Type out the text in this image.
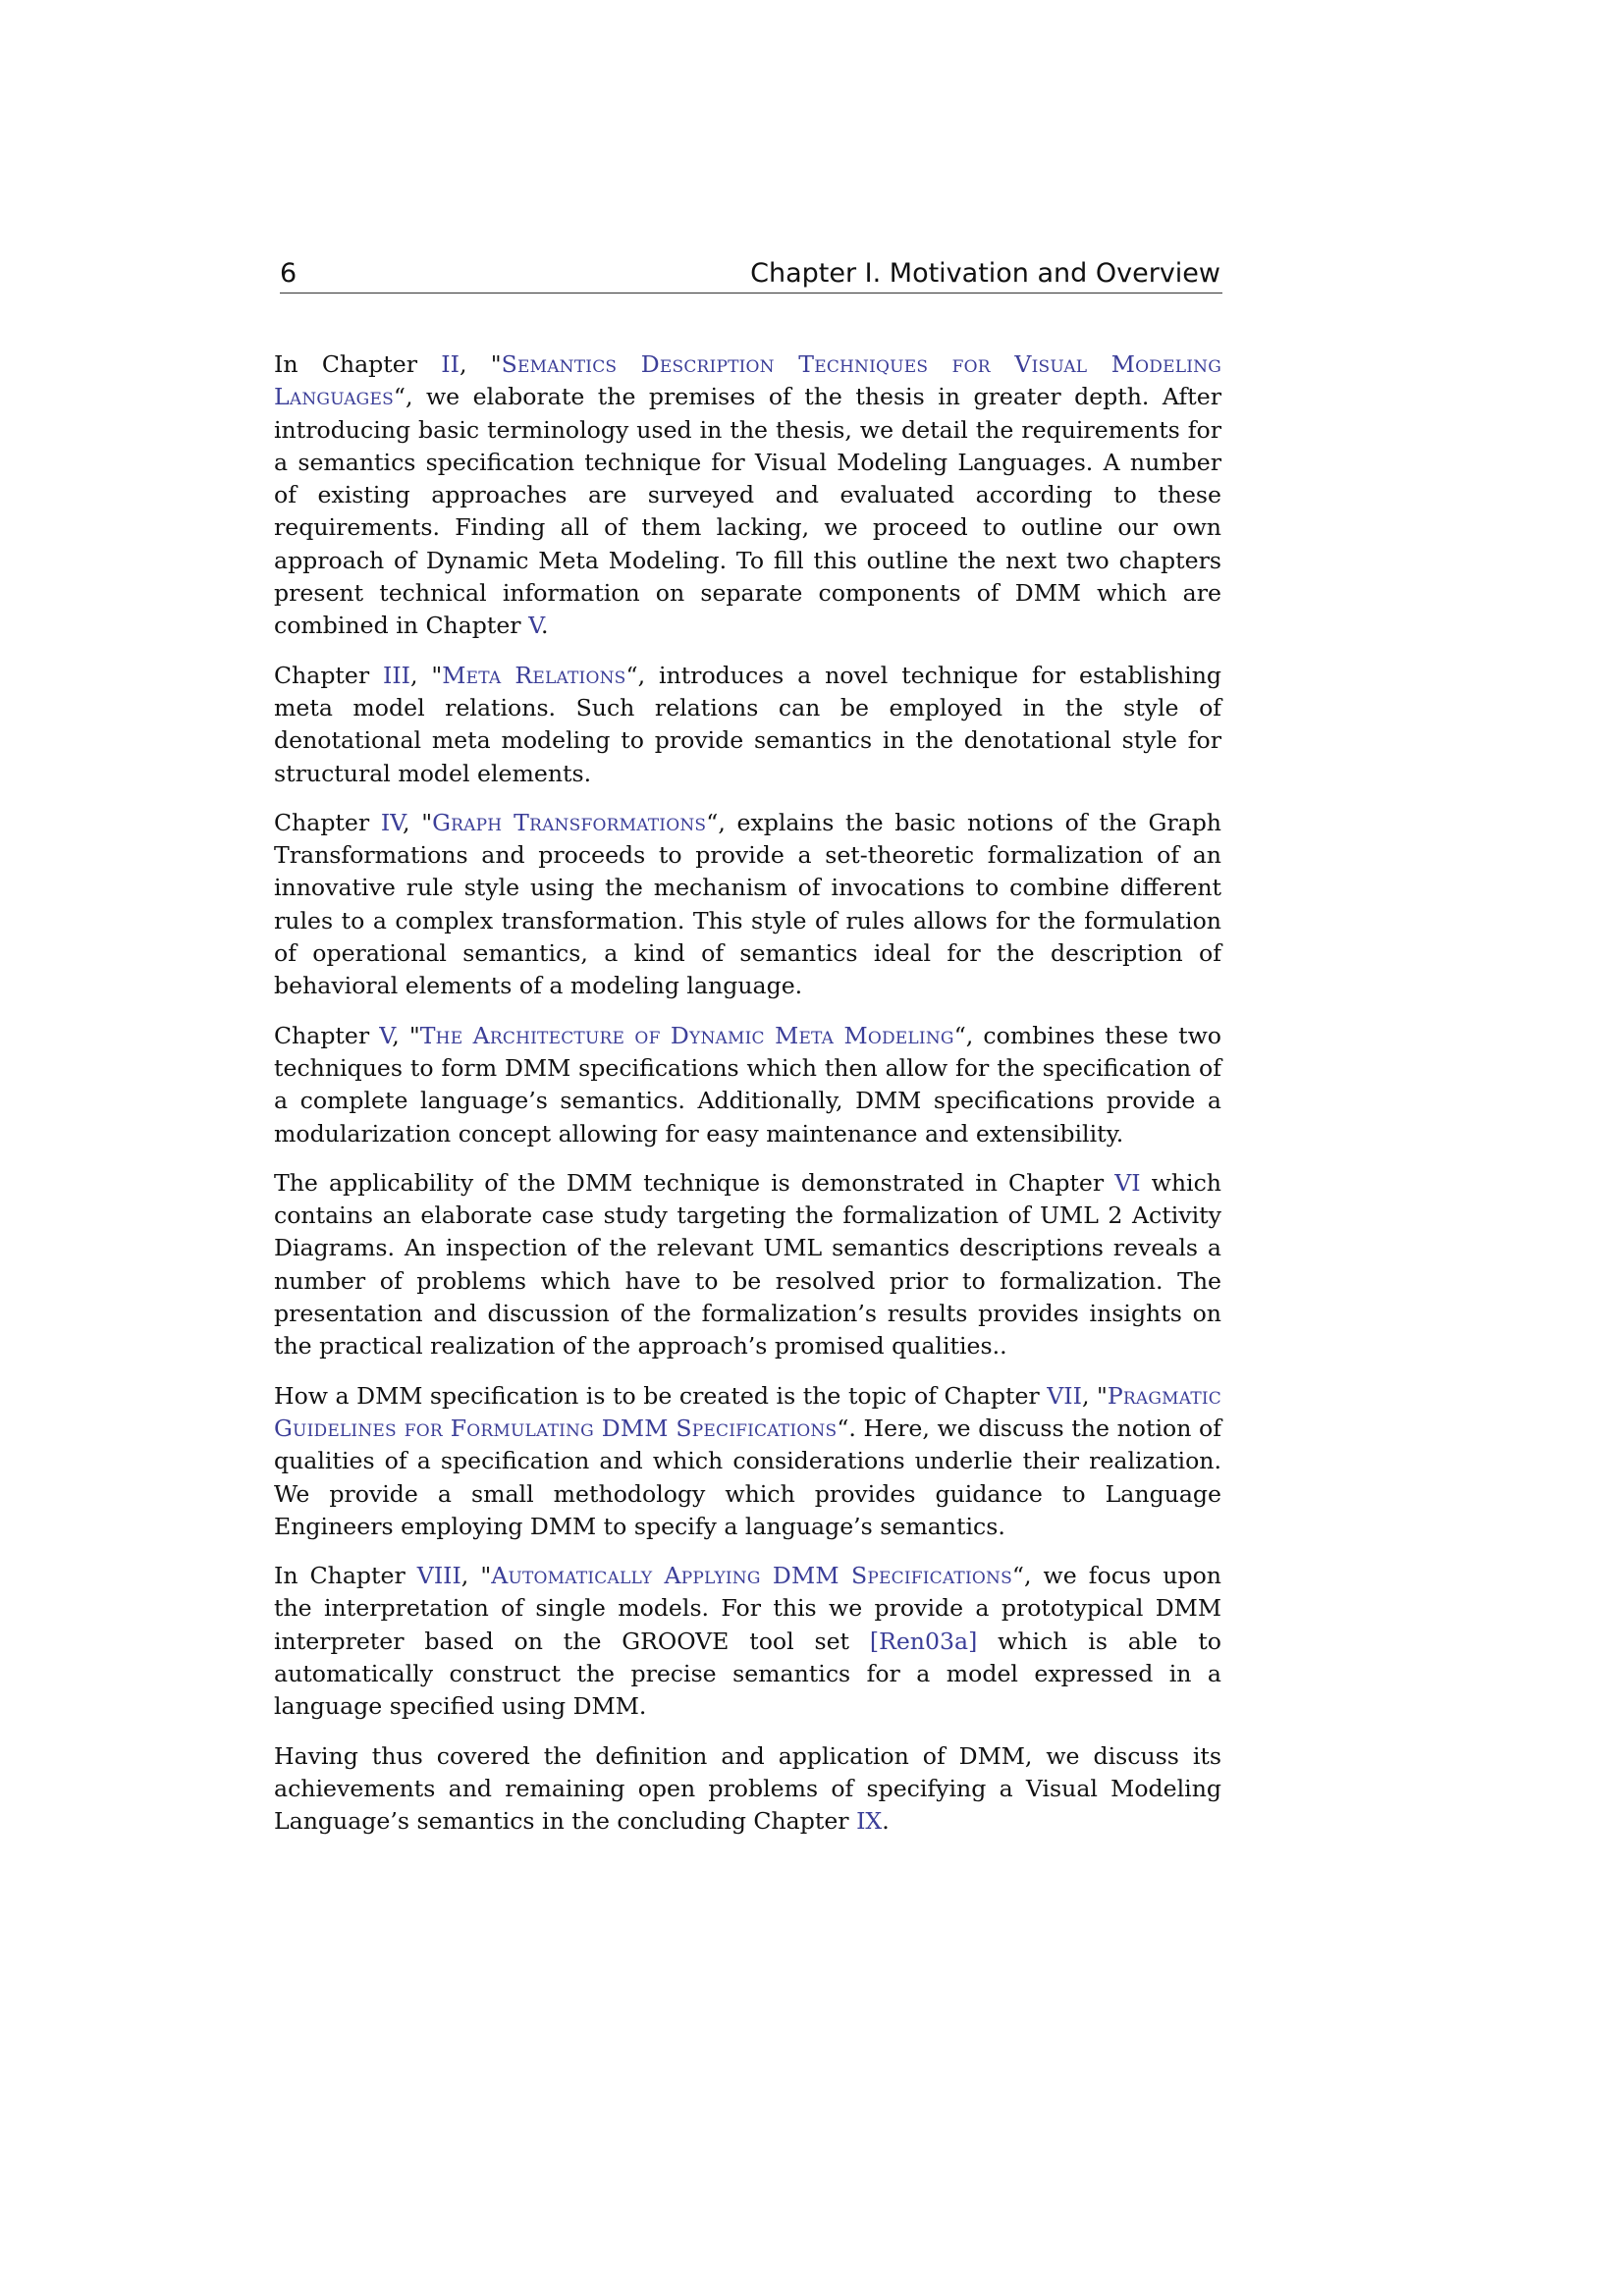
6	Chapter I. Motivation and Overview

In Chapter II, "Semantics Description Techniques for Visual Modeling Languages“, we elaborate the premises of the thesis in greater depth. After introducing basic terminology used in the thesis, we detail the requirements for a semantics specification technique for Visual Modeling Languages. A number of existing approaches are surveyed and evaluated according to these requirements. Finding all of them lacking, we proceed to outline our own approach of Dynamic Meta Modeling. To fill this outline the next two chapters present technical information on separate components of DMM which are combined in Chapter V.

Chapter III, "Meta Relations“, introduces a novel technique for establishing meta model relations. Such relations can be employed in the style of denotational meta modeling to provide semantics in the denotational style for structural model elements.

Chapter IV, "Graph Transformations“, explains the basic notions of the Graph Transformations and proceeds to provide a set-theoretic formalization of an innovative rule style using the mechanism of invocations to combine different rules to a complex transformation. This style of rules allows for the formulation of operational semantics, a kind of semantics ideal for the description of behavioral elements of a modeling language.

Chapter V, "The Architecture of Dynamic Meta Modeling“, combines these two techniques to form DMM specifications which then allow for the specification of a complete language’s semantics. Additionally, DMM specifications provide a modularization concept allowing for easy maintenance and extensibility.

The applicability of the DMM technique is demonstrated in Chapter VI which contains an elaborate case study targeting the formalization of UML 2 Activity Diagrams. An inspection of the relevant UML semantics descriptions reveals a number of problems which have to be resolved prior to formalization. The presentation and discussion of the formalization’s results provides insights on the practical realization of the approach’s promised qualities..

How a DMM specification is to be created is the topic of Chapter VII, "Pragmatic Guidelines for Formulating DMM Specifications“. Here, we discuss the notion of qualities of a specification and which considerations underlie their realization. We provide a small methodology which provides guidance to Language Engineers employing DMM to specify a language’s semantics.

In Chapter VIII, "Automatically Applying DMM Specifications“, we focus upon the interpretation of single models. For this we provide a prototypical DMM interpreter based on the GROOVE tool set [Ren03a] which is able to automatically construct the precise semantics for a model expressed in a language specified using DMM.

Having thus covered the definition and application of DMM, we discuss its achievements and remaining open problems of specifying a Visual Modeling Language’s semantics in the concluding Chapter IX.
